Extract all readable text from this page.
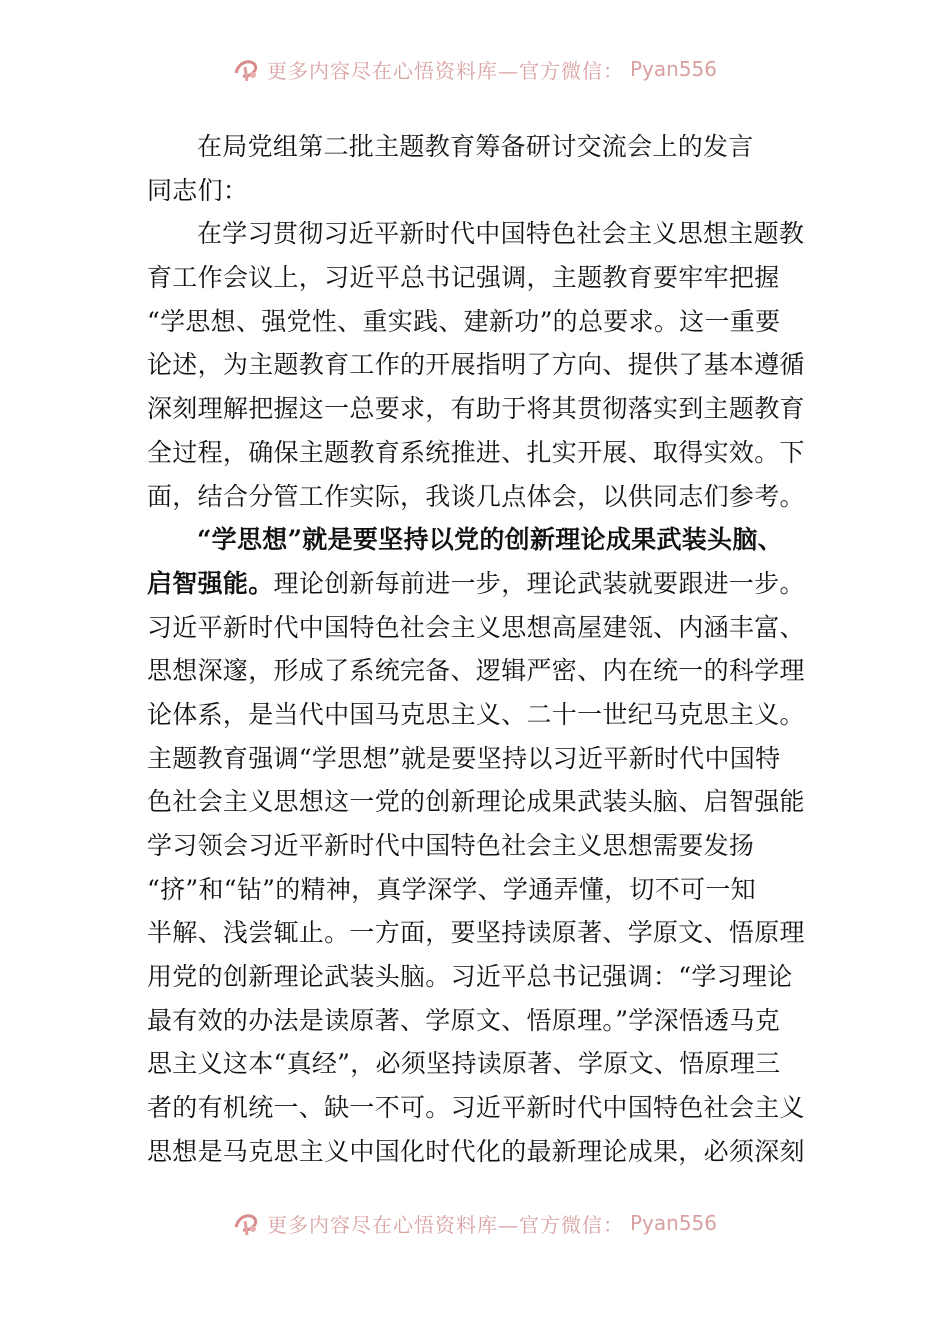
更多内容尽在心悟资料库—官方微信： Pyan556
在局党组第二批主题教育筹备研讨交流会上的发言
同志们：
在学习贯彻习近平新时代中国特色社会主义思想主题教
育工作会议上，习近平总书记强调，主题教育要牢牢把握
“学思想、强党性、重实践、建新功”的总要求。这一重要
论述，为主题教育工作的开展指明了方向、提供了基本遵循
深刻理解把握这一总要求，有助于将其贯彻落实到主题教育
全过程，确保主题教育系统推进、扎实开展、取得实效。下
面，结合分管工作实际，我谈几点体会，以供同志们参考。
“学思想”就是要坚持以党的创新理论成果武装头脑、
启智强能。理论创新每前进一步，理论武装就要跟进一步。
习近平新时代中国特色社会主义思想高屋建瓴、内涵丰富、
思想深邃，形成了系统完备、逻辑严密、内在统一的科学理
论体系，是当代中国马克思主义、二十一世纪马克思主义。
主题教育强调“学思想”就是要坚持以习近平新时代中国特
色社会主义思想这一党的创新理论成果武装头脑、启智强能
学习领会习近平新时代中国特色社会主义思想需要发扬
“挤”和“钻”的精神，真学深学、学通弄懂，切不可一知
半解、浅尝辄止。一方面，要坚持读原著、学原文、悟原理
用党的创新理论武装头脑。习近平总书记强调：“学习理论
最有效的办法是读原著、学原文、悟原理。”学深悟透马克
思主义这本“真经”，必须坚持读原著、学原文、悟原理三
者的有机统一、缺一不可。习近平新时代中国特色社会主义
思想是马克思主义中国化时代化的最新理论成果，必须深刻
更多内容尽在心悟资料库—官方微信： Pyan556
